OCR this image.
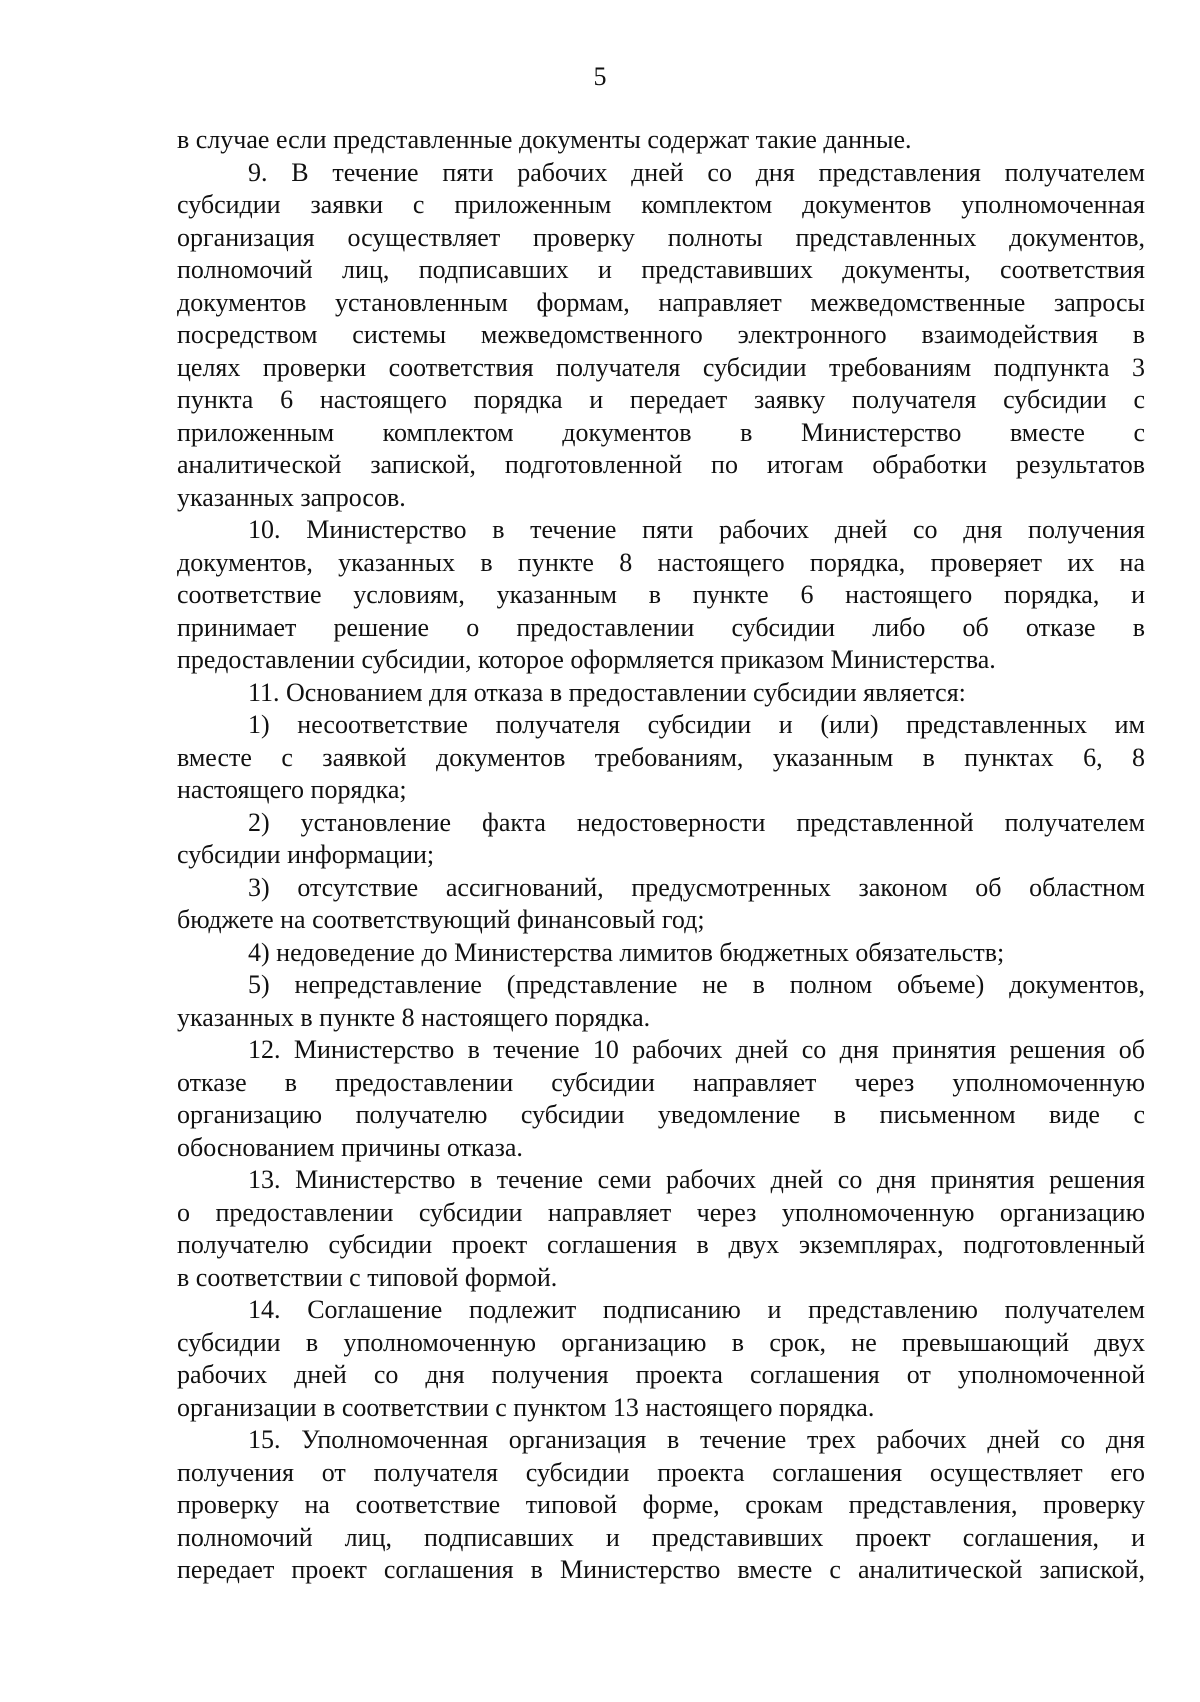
5
в случае если представленные документы содержат такие данные.
9. В течение пяти рабочих дней со дня представления получателем
субсидии заявки с приложенным комплектом документов уполномоченная
организация осуществляет проверку полноты представленных документов,
полномочий лиц, подписавших и представивших документы, соответствия
документов установленным формам, направляет межведомственные запросы
посредством системы межведомственного электронного взаимодействия в
целях проверки соответствия получателя субсидии требованиям подпункта 3
пункта 6 настоящего порядка и передает заявку получателя субсидии с
приложенным комплектом документов в Министерство вместе с
аналитической запиской, подготовленной по итогам обработки результатов
указанных запросов.
10. Министерство в течение пяти рабочих дней со дня получения
документов, указанных в пункте 8 настоящего порядка, проверяет их на
соответствие условиям, указанным в пункте 6 настоящего порядка, и
принимает решение о предоставлении субсидии либо об отказе в
предоставлении субсидии, которое оформляется приказом Министерства.
11. Основанием для отказа в предоставлении субсидии является:
1) несоответствие получателя субсидии и (или) представленных им
вместе с заявкой документов требованиям, указанным в пунктах 6, 8
настоящего порядка;
2) установление факта недостоверности представленной получателем
субсидии информации;
3) отсутствие ассигнований, предусмотренных законом об областном
бюджете на соответствующий финансовый год;
4) недоведение до Министерства лимитов бюджетных обязательств;
5) непредставление (представление не в полном объеме) документов,
указанных в пункте 8 настоящего порядка.
12. Министерство в течение 10 рабочих дней со дня принятия решения об
отказе в предоставлении субсидии направляет через уполномоченную
организацию получателю субсидии уведомление в письменном виде с
обоснованием причины отказа.
13. Министерство в течение семи рабочих дней со дня принятия решения
о предоставлении субсидии направляет через уполномоченную организацию
получателю субсидии проект соглашения в двух экземплярах, подготовленный
в соответствии с типовой формой.
14. Соглашение подлежит подписанию и представлению получателем
субсидии в уполномоченную организацию в срок, не превышающий двух
рабочих дней со дня получения проекта соглашения от уполномоченной
организации в соответствии с пунктом 13 настоящего порядка.
15. Уполномоченная организация в течение трех рабочих дней со дня
получения от получателя субсидии проекта соглашения осуществляет его
проверку на соответствие типовой форме, срокам представления, проверку
полномочий лиц, подписавших и представивших проект соглашения, и
передает проект соглашения в Министерство вместе с аналитической запиской,
